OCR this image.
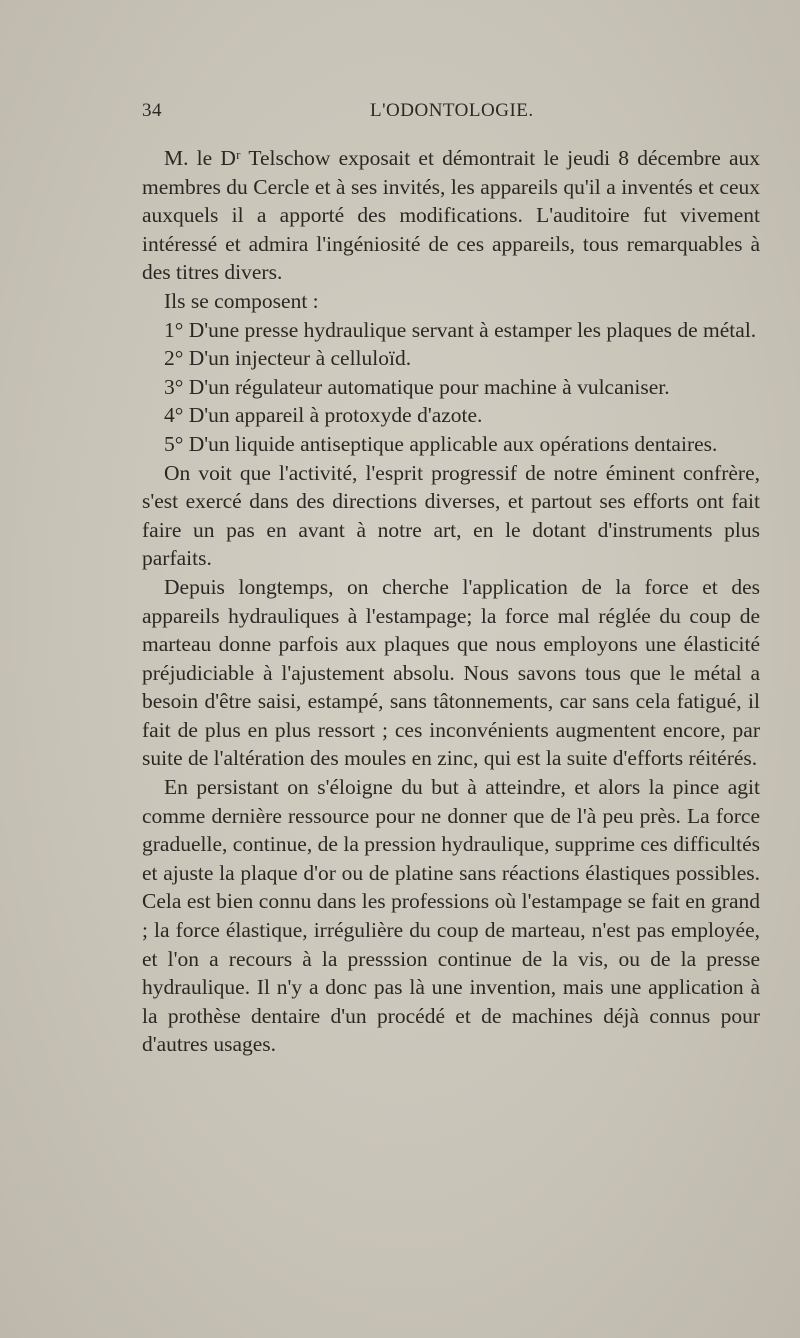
34	L'ODONTOLOGIE.

M. le Dʳ Telschow exposait et démontrait le jeudi 8 décembre aux membres du Cercle et à ses invités, les appareils qu'il a inventés et ceux auxquels il a apporté des modifications. L'auditoire fut vivement intéressé et admira l'ingéniosité de ces appareils, tous remarquables à des titres divers.

Ils se composent :

1° D'une presse hydraulique servant à estamper les plaques de métal.

2° D'un injecteur à celluloïd.

3° D'un régulateur automatique pour machine à vulcaniser.

4° D'un appareil à protoxyde d'azote.

5° D'un liquide antiseptique applicable aux opérations dentaires.

On voit que l'activité, l'esprit progressif de notre éminent confrère, s'est exercé dans des directions diverses, et partout ses efforts ont fait faire un pas en avant à notre art, en le dotant d'instruments plus parfaits.

Depuis longtemps, on cherche l'application de la force et des appareils hydrauliques à l'estampage; la force mal réglée du coup de marteau donne parfois aux plaques que nous employons une élasticité préjudiciable à l'ajustement absolu. Nous savons tous que le métal a besoin d'être saisi, estampé, sans tâtonnements, car sans cela fatigué, il fait de plus en plus ressort ; ces inconvénients augmentent encore, par suite de l'altération des moules en zinc, qui est la suite d'efforts réitérés.

En persistant on s'éloigne du but à atteindre, et alors la pince agit comme dernière ressource pour ne donner que de l'à peu près. La force graduelle, continue, de la pression hydraulique, supprime ces difficultés et ajuste la plaque d'or ou de platine sans réactions élastiques possibles. Cela est bien connu dans les professions où l'estampage se fait en grand ; la force élastique, irrégulière du coup de marteau, n'est pas employée, et l'on a recours à la presssion continue de la vis, ou de la presse hydraulique. Il n'y a donc pas là une invention, mais une application à la prothèse dentaire d'un procédé et de machines déjà connus pour d'autres usages.
